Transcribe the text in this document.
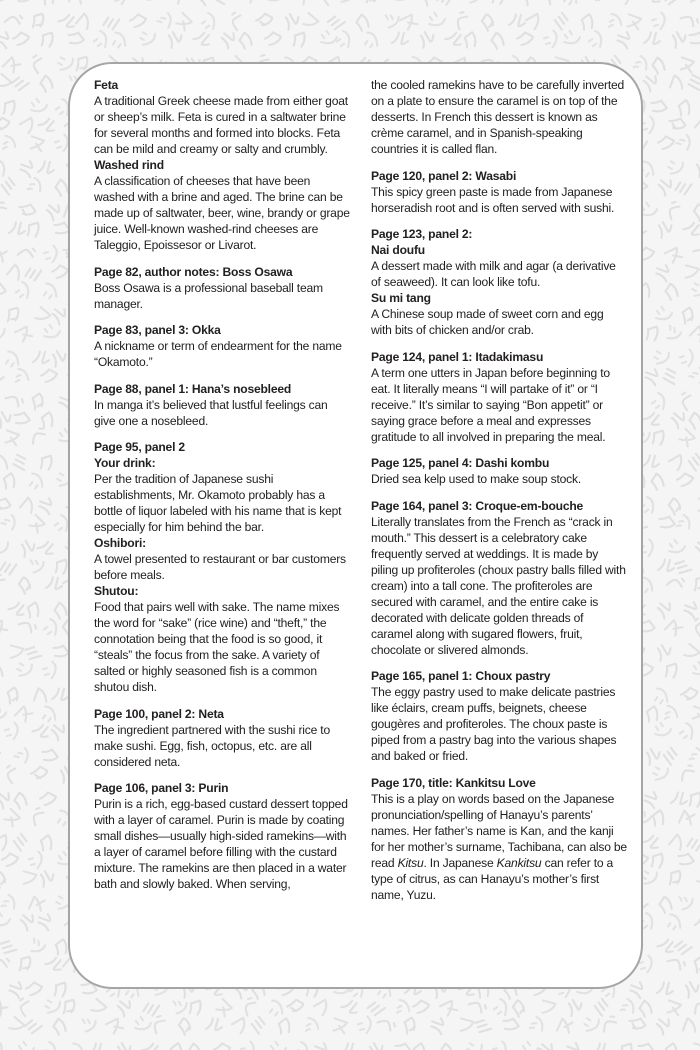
Feta
A traditional Greek cheese made from either goat or sheep’s milk. Feta is cured in a saltwater brine for several months and formed into blocks. Feta can be mild and creamy or salty and crumbly.
Washed rind
A classification of cheeses that have been washed with a brine and aged. The brine can be made up of saltwater, beer, wine, brandy or grape juice. Well-known washed-rind cheeses are Taleggio, Epoissesor or Livarot.
Page 82, author notes: Boss Osawa
Boss Osawa is a professional baseball team manager.
Page 83, panel 3: Okka
A nickname or term of endearment for the name “Okamoto.”
Page 88, panel 1: Hana’s nosebleed
In manga it’s believed that lustful feelings can give one a nosebleed.
Page 95, panel 2
Your drink:
Per the tradition of Japanese sushi establishments, Mr. Okamoto probably has a bottle of liquor labeled with his name that is kept especially for him behind the bar.
Oshibori:
A towel presented to restaurant or bar customers before meals.
Shutou:
Food that pairs well with sake. The name mixes the word for “sake” (rice wine) and “theft,” the connotation being that the food is so good, it “steals” the focus from the sake. A variety of salted or highly seasoned fish is a common shutou dish.
Page 100, panel 2: Neta
The ingredient partnered with the sushi rice to make sushi. Egg, fish, octopus, etc. are all considered neta.
Page 106, panel 3: Purin
Purin is a rich, egg-based custard dessert topped with a layer of caramel. Purin is made by coating small dishes—usually high-sided ramekins—with a layer of caramel before filling with the custard mixture. The ramekins are then placed in a water bath and slowly baked. When serving,
the cooled ramekins have to be carefully inverted on a plate to ensure the caramel is on top of the desserts. In French this dessert is known as crème caramel, and in Spanish-speaking countries it is called flan.
Page 120, panel 2: Wasabi
This spicy green paste is made from Japanese horseradish root and is often served with sushi.
Page 123, panel 2:
Nai doufu
A dessert made with milk and agar (a derivative of seaweed). It can look like tofu.
Su mi tang
A Chinese soup made of sweet corn and egg with bits of chicken and/or crab.
Page 124, panel 1: Itadakimasu
A term one utters in Japan before beginning to eat. It literally means “I will partake of it” or “I receive.” It’s similar to saying “Bon appetit” or saying grace before a meal and expresses gratitude to all involved in preparing the meal.
Page 125, panel 4: Dashi kombu
Dried sea kelp used to make soup stock.
Page 164, panel 3: Croque-em-bouche
Literally translates from the French as “crack in mouth.” This dessert is a celebratory cake frequently served at weddings. It is made by piling up profiteroles (choux pastry balls filled with cream) into a tall cone. The profiteroles are secured with caramel, and the entire cake is decorated with delicate golden threads of caramel along with sugared flowers, fruit, chocolate or slivered almonds.
Page 165, panel 1: Choux pastry
The eggy pastry used to make delicate pastries like éclairs, cream puffs, beignets, cheese gougères and profiteroles. The choux paste is piped from a pastry bag into the various shapes and baked or fried.
Page 170, title: Kankitsu Love
This is a play on words based on the Japanese pronunciation/spelling of Hanayu’s parents’ names. Her father’s name is Kan, and the kanji for her mother’s surname, Tachibana, can also be read Kitsu. In Japanese Kankitsu can refer to a type of citrus, as can Hanayu’s mother’s first name, Yuzu.
